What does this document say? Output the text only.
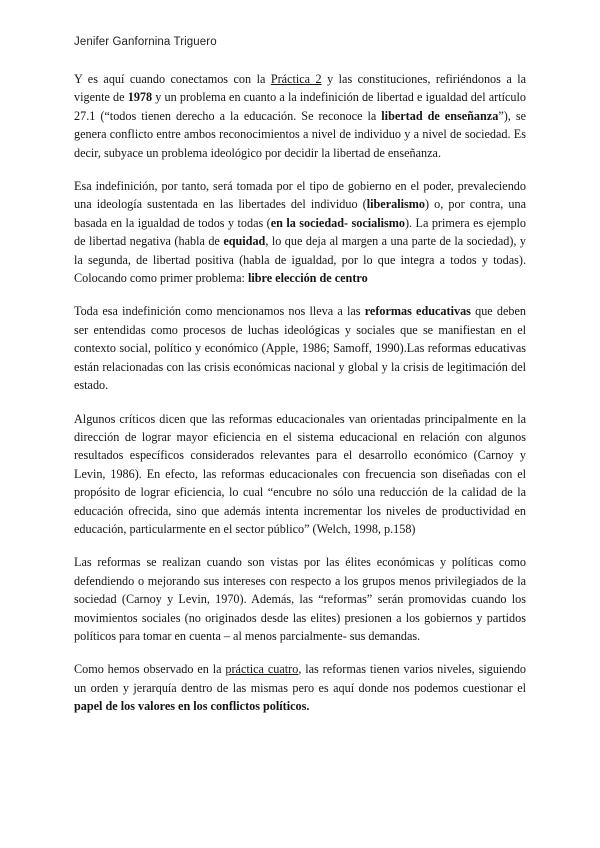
Jenifer Ganfornina Triguero

Y es aquí cuando conectamos con la Práctica 2 y las constituciones, refiriéndonos a la vigente de 1978 y un problema en cuanto a la indefinición de libertad e igualdad del artículo 27.1 (“todos tienen derecho a la educación. Se reconoce la libertad de enseñanza”), se genera conflicto entre ambos reconocimientos a nivel de individuo y a nivel de sociedad. Es decir, subyace un problema ideológico por decidir la libertad de enseñanza.

Esa indefinición, por tanto, será tomada por el tipo de gobierno en el poder, prevaleciendo una ideología sustentada en las libertades del individuo (liberalismo) o, por contra, una basada en la igualdad de todos y todas (en la sociedad- socialismo). La primera es ejemplo de libertad negativa (habla de equidad, lo que deja al margen a una parte de la sociedad), y la segunda, de libertad positiva (habla de igualdad, por lo que integra a todos y todas). Colocando como primer problema: libre elección de centro

Toda esa indefinición como mencionamos nos lleva a las reformas educativas que deben ser entendidas como procesos de luchas ideológicas y sociales que se manifiestan en el contexto social, político y económico (Apple, 1986; Samoff, 1990).Las reformas educativas están relacionadas con las crisis económicas nacional y global y la crisis de legitimación del estado.

Algunos críticos dicen que las reformas educacionales van orientadas principalmente en la dirección de lograr mayor eficiencia en el sistema educacional en relación con algunos resultados específicos considerados relevantes para el desarrollo económico (Carnoy y Levin, 1986). En efecto, las reformas educacionales con frecuencia son diseñadas con el propósito de lograr eficiencia, lo cual “encubre no sólo una reducción de la calidad de la educación ofrecida, sino que además intenta incrementar los niveles de productividad en educación, particularmente en el sector público” (Welch, 1998, p.158)

Las reformas se realizan cuando son vistas por las élites económicas y políticas como defendiendo o mejorando sus intereses con respecto a los grupos menos privilegiados de la sociedad (Carnoy y Levin, 1970). Además, las “reformas” serán promovidas cuando los movimientos sociales (no originados desde las elites) presionen a los gobiernos y partidos políticos para tomar en cuenta – al menos parcialmente- sus demandas.

Como hemos observado en la práctica cuatro, las reformas tienen varios niveles, siguiendo un orden y jerarquía dentro de las mismas pero es aquí donde nos podemos cuestionar el papel de los valores en los conflictos políticos.
